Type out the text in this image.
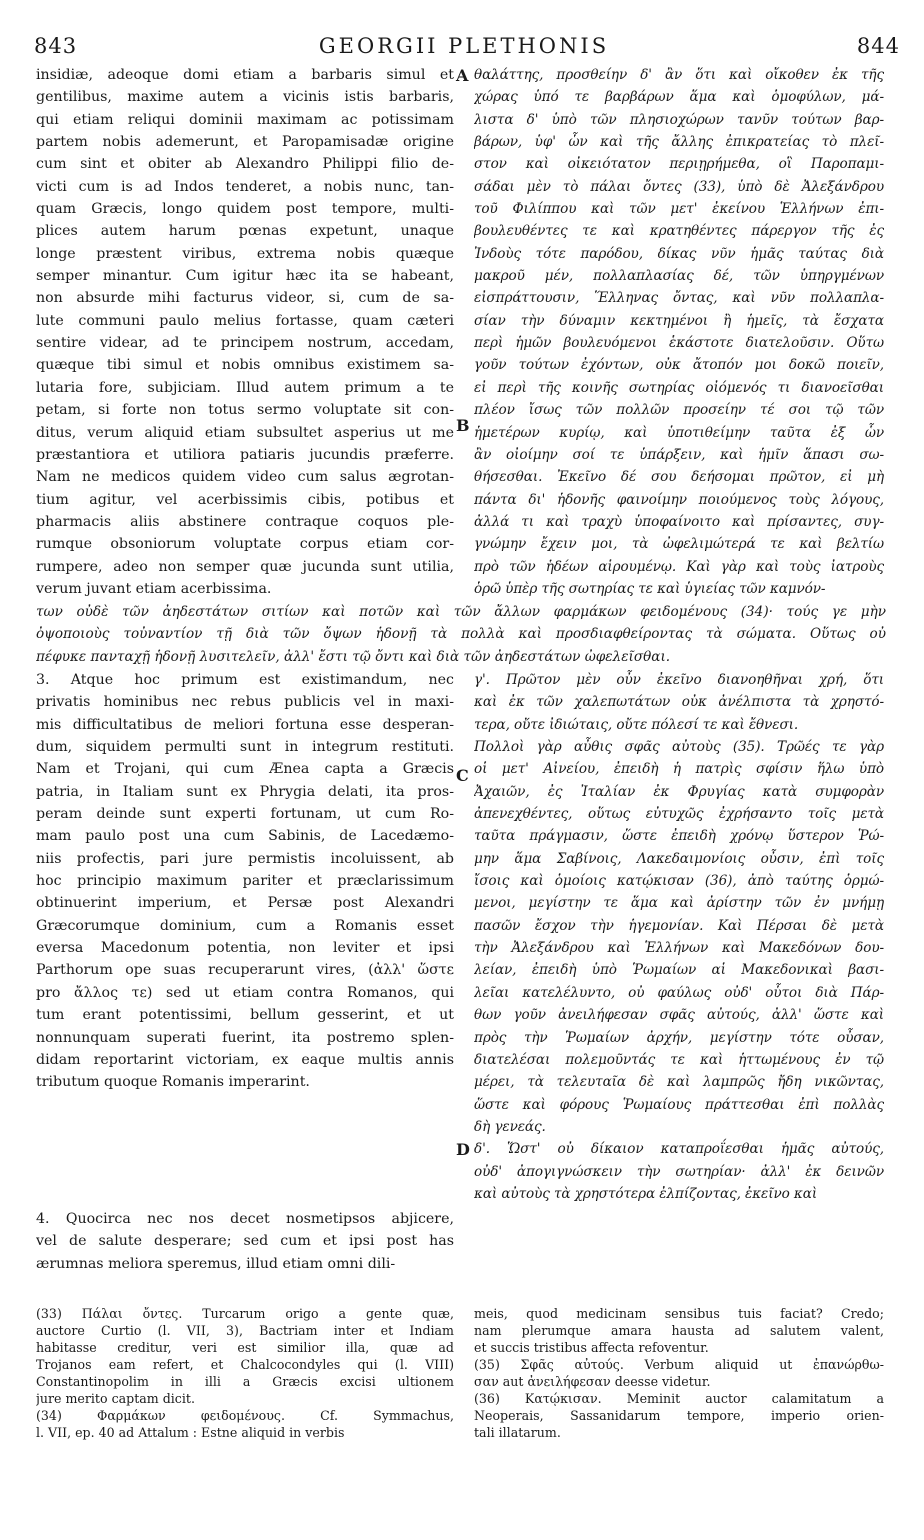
843	GEORGII PLETHONIS	844

insidiæ, adeoque domi etiam a barbaris simul et
gentilibus, maxime autem a vicinis istis barbaris,
qui etiam reliqui dominii maximam ac potissimam
partem nobis ademerunt, et Paropamisadæ origine
cum sint et obiter ab Alexandro Philippi filio de-
victi cum is ad Indos tenderet, a nobis nunc, tan-
quam Græcis, longo quidem post tempore, multi-
plices autem harum pœnas expetunt, unaque
longe præstent viribus, extrema nobis quæque
semper minantur. Cum igitur hæc ita se habeant,
non absurde mihi facturus videor, si, cum de sa-
lute communi paulo melius fortasse, quam cæteri
sentire videar, ad te principem nostrum, accedam,
quæque tibi simul et nobis omnibus existimem sa-
lutaria fore, subjiciam. Illud autem primum a te
petam, si forte non totus sermo voluptate sit con-
ditus, verum aliquid etiam subsultet asperius ut me
præstantiora et utiliora patiaris jucundis præferre.
Nam ne medicos quidem video cum salus ægrotan-
tium agitur, vel acerbissimis cibis, potibus et
pharmacis aliis abstinere contraque coquos ple-
rumque obsoniorum voluptate corpus etiam cor-
rumpere, adeo non semper quæ jucunda sunt utilia,
verum juvant etiam acerbissima.

θαλάττης, προσθείην δ' ἂν ὅτι καὶ οἴκοθεν ἐκ τῆς
χώρας ὑπό τε βαρβάρων ἅμα καὶ ὁμοφύλων, μά-
λιστα δ' ὑπὸ τῶν πλησιοχώρων τανῦν τούτων βαρ-
βάρων, ὑφ' ὧν καὶ τῆς ἄλλης ἐπικρατείας τὸ πλεῖ-
στον καὶ οἰκειότατον περιῃρήμεθα, οἳ Παροπαμι-
σάδαι μὲν τὸ πάλαι ὄντες (33), ὑπὸ δὲ Ἀλεξάνδρου
τοῦ Φιλίππου καὶ τῶν μετ' ἐκείνου Ἑλλήνων ἐπι-
βουλευθέντες τε καὶ κρατηθέντες πάρεργον τῆς ἐς
Ἰνδοὺς τότε παρόδου, δίκας νῦν ἡμᾶς ταύτας διὰ
μακροῦ μέν, πολλαπλασίας δέ, τῶν ὑπηργμένων
εἰσπράττουσιν, Ἕλληνας ὄντας, καὶ νῦν πολλαπλα-
σίαν τὴν δύναμιν κεκτημένοι ἢ ἡμεῖς, τὰ ἔσχατα
περὶ ἡμῶν βουλευόμενοι ἑκάστοτε διατελοῦσιν. Οὕτω
γοῦν τούτων ἐχόντων, οὐκ ἄτοπόν μοι δοκῶ ποιεῖν,
εἰ περὶ τῆς κοινῆς σωτηρίας οἰόμενός τι διανοεῖσθαι
πλέον ἴσως τῶν πολλῶν προσείην τέ σοι τῷ τῶν
ἡμετέρων κυρίῳ, καὶ ὑποτιθείμην ταῦτα ἐξ ὧν
ἂν οἰοίμην σοί τε ὑπάρξειν, καὶ ἡμῖν ἅπασι σω-
θήσεσθαι. Ἐκεῖνο δέ σου δεήσομαι πρῶτον, εἰ μὴ
πάντα δι' ἡδονῆς φαινοίμην ποιούμενος τοὺς λόγους,
ἀλλά τι καὶ τραχὺ ὑποφαίνοιτο καὶ πρίσαντες, συγ-
γνώμην ἔχειν μοι, τὰ ὠφελιμώτερά τε καὶ βελτίω
πρὸ τῶν ἡδέων αἱρουμένῳ. Καὶ γὰρ καὶ τοὺς ἰατροὺς
ὁρῶ ὑπὲρ τῆς σωτηρίας τε καὶ ὑγιείας τῶν καμνόν-

των οὐδὲ τῶν ἀηδεστάτων σιτίων καὶ ποτῶν καὶ τῶν ἄλλων φαρμάκων φειδομένους (34)· τούς γε μὴν
ὀψοποιοὺς τοὐναντίον τῇ διὰ τῶν ὄψων ἡδονῇ τὰ πολλὰ καὶ προσδιαφθείροντας τὰ σώματα. Οὕτως οὐ
πέφυκε πανταχῇ ἡδονῇ λυσιτελεῖν, ἀλλ' ἔστι τῷ ὄντι καὶ διὰ τῶν ἀηδεστάτων ὠφελεῖσθαι.

3. Atque hoc primum est existimandum, nec
privatis hominibus nec rebus publicis vel in maxi-
mis difficultatibus de meliori fortuna esse desperan-
dum, siquidem permulti sunt in integrum restituti.
Nam et Trojani, qui cum Ænea capta a Græcis
patria, in Italiam sunt ex Phrygia delati, ita pros-
peram deinde sunt experti fortunam, ut cum Ro-
mam paulo post una cum Sabinis, de Lacedæmo-
niis profectis, pari jure permistis incoluissent, ab
hoc principio maximum pariter et præclarissimum
obtinuerint imperium, et Persæ post Alexandri
Græcorumque dominium, cum a Romanis esset
eversa Macedonum potentia, non leviter et ipsi
Parthorum ope suas recuperarunt vires, (ἀλλ' ὥστε
pro ἄλλος τε) sed ut etiam contra Romanos, qui
tum erant potentissimi, bellum gesserint, et ut
nonnunquam superati fuerint, ita postremo splen-
didam reportarint victoriam, ex eaque multis annis
tributum quoque Romanis imperarint.

4. Quocirca nec nos decet nosmetipsos abjicere,
vel de salute desperare; sed cum et ipsi post has
ærumnas meliora speremus, illud etiam omni dili-

γ'. Πρῶτον μὲν οὖν ἐκεῖνο διανοηθῆναι χρή, ὅτι
καὶ ἐκ τῶν χαλεπωτάτων οὐκ ἀνέλπιστα τὰ χρηστό-
τερα, οὔτε ἰδιώταις, οὔτε πόλεσί τε καὶ ἔθνεσι.
Πολλοὶ γὰρ αὖθις σφᾶς αὐτοὺς (35). Τρῶές τε γὰρ
οἱ μετ' Αἰνείου, ἐπειδὴ ἡ πατρὶς σφίσιν ἥλω ὑπὸ
Ἀχαιῶν, ἐς Ἰταλίαν ἐκ Φρυγίας κατὰ συμφορὰν
ἀπενεχθέντες, οὕτως εὐτυχῶς ἐχρήσαντο τοῖς μετὰ
ταῦτα πράγμασιν, ὥστε ἐπειδὴ χρόνῳ ὕστερον Ῥώ-
μην ἅμα Σαβίνοις, Λακεδαιμονίοις οὖσιν, ἐπὶ τοῖς
ἴσοις καὶ ὁμοίοις κατῴκισαν (36), ἀπὸ ταύτης ὁρμώ-
μενοι, μεγίστην τε ἅμα καὶ ἀρίστην τῶν ἐν μνήμῃ
πασῶν ἔσχον τὴν ἡγεμονίαν. Καὶ Πέρσαι δὲ μετὰ
τὴν Ἀλεξάνδρου καὶ Ἑλλήνων καὶ Μακεδόνων δου-
λείαν, ἐπειδὴ ὑπὸ Ῥωμαίων αἱ Μακεδονικαὶ βασι-
λεῖαι κατελέλυντο, οὐ φαύλως οὐδ' οὗτοι διὰ Πάρ-
θων γοῦν ἀνειλήφεσαν σφᾶς αὐτούς, ἀλλ' ὥστε καὶ
πρὸς τὴν Ῥωμαίων ἀρχήν, μεγίστην τότε οὖσαν,
διατελέσαι πολεμοῦντάς τε καὶ ἡττωμένους ἐν τῷ
μέρει, τὰ τελευταῖα δὲ καὶ λαμπρῶς ἤδη νικῶντας,
ὥστε καὶ φόρους Ῥωμαίους πράττεσθαι ἐπὶ πολλὰς
δὴ γενεάς.
δ'. Ὥστ' οὐ δίκαιον καταπροΐεσθαι ἡμᾶς αὐτούς,
οὐδ' ἀπογιγνώσκειν τὴν σωτηρίαν· ἀλλ' ἐκ δεινῶν
καὶ αὐτοὺς τὰ χρηστότερα ἐλπίζοντας, ἐκεῖνο καὶ

A
B
C
D
(33) Πάλαι ὄντες. Turcarum origo a gente quæ,
auctore Curtio (l. VII, 3), Bactriam inter et Indiam
habitasse creditur, veri est similior illa, quæ ad
Trojanos eam refert, et Chalcocondyles qui (l. VIII)
Constantinopolim in illi a Græcis excisi ultionem
jure merito captam dicit.
(34) Φαρμάκων φειδομένους. Cf. Symmachus,
l. VII, ep. 40 ad Attalum : Estne aliquid in verbis
meis, quod medicinam sensibus tuis faciat? Credo;
nam plerumque amara hausta ad salutem valent,
et succis tristibus affecta refoventur.
(35) Σφᾶς αὐτούς. Verbum aliquid ut ἐπανώρθω-
σαν aut ἀνειλήφεσαν deesse videtur.
(36) Κατῴκισαν. Meminit auctor calamitatum a
Neoperais, Sassanidarum tempore, imperio orien-
tali illatarum.
